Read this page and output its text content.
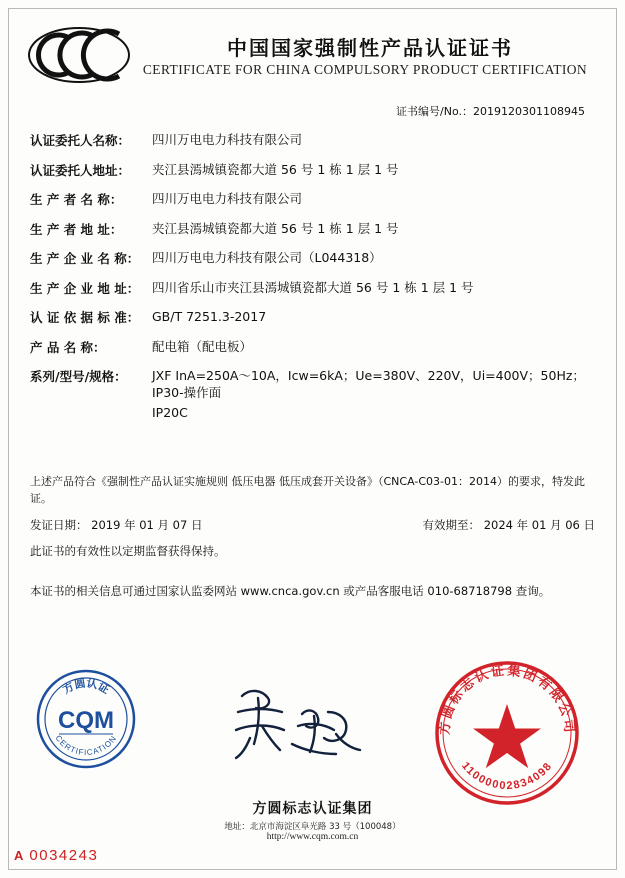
中国国家强制性产品认证证书
CERTIFICATE FOR CHINA COMPULSORY PRODUCT CERTIFICATION
证书编号/No.：2019120301108945
认证委托人名称：	四川万电电力科技有限公司
认证委托人地址：	夹江县漹城镇瓷都大道 56 号 1 栋 1 层 1 号
生 产 者 名 称：	四川万电电力科技有限公司
生 产 者 地 址：	夹江县漹城镇瓷都大道 56 号 1 栋 1 层 1 号
生 产 企 业 名 称：	四川万电电力科技有限公司（L044318）
生 产 企 业 地 址：	四川省乐山市夹江县漹城镇瓷都大道 56 号 1 栋 1 层 1 号
认 证 依 据 标 准：	GB/T 7251.3-2017
产 品 名 称：	配电箱（配电板）
系列/型号/规格：	JXF InA=250A～10A，Icw=6kA；Ue=380V、220V，Ui=400V；50Hz；IP30-操作面
IP20C
上述产品符合《强制性产品认证实施规则 低压电器 低压成套开关设备》（CNCA-C03-01：2014）的要求，特发此证。
发证日期： 2019 年 01 月 07 日	有效期至： 2024 年 01 月 06 日
此证书的有效性以定期监督获得保持。
本证书的相关信息可通过国家认监委网站 www.cnca.gov.cn 或产品客服电话 010-68718798 查询。
方圆认证
CQM
CERTIFICATION
方圆标志认证集团有限公司
11000002834098
方圆标志认证集团
地址：北京市海淀区阜光路 33 号（100048）
http://www.cqm.com.cn
A 0034243
